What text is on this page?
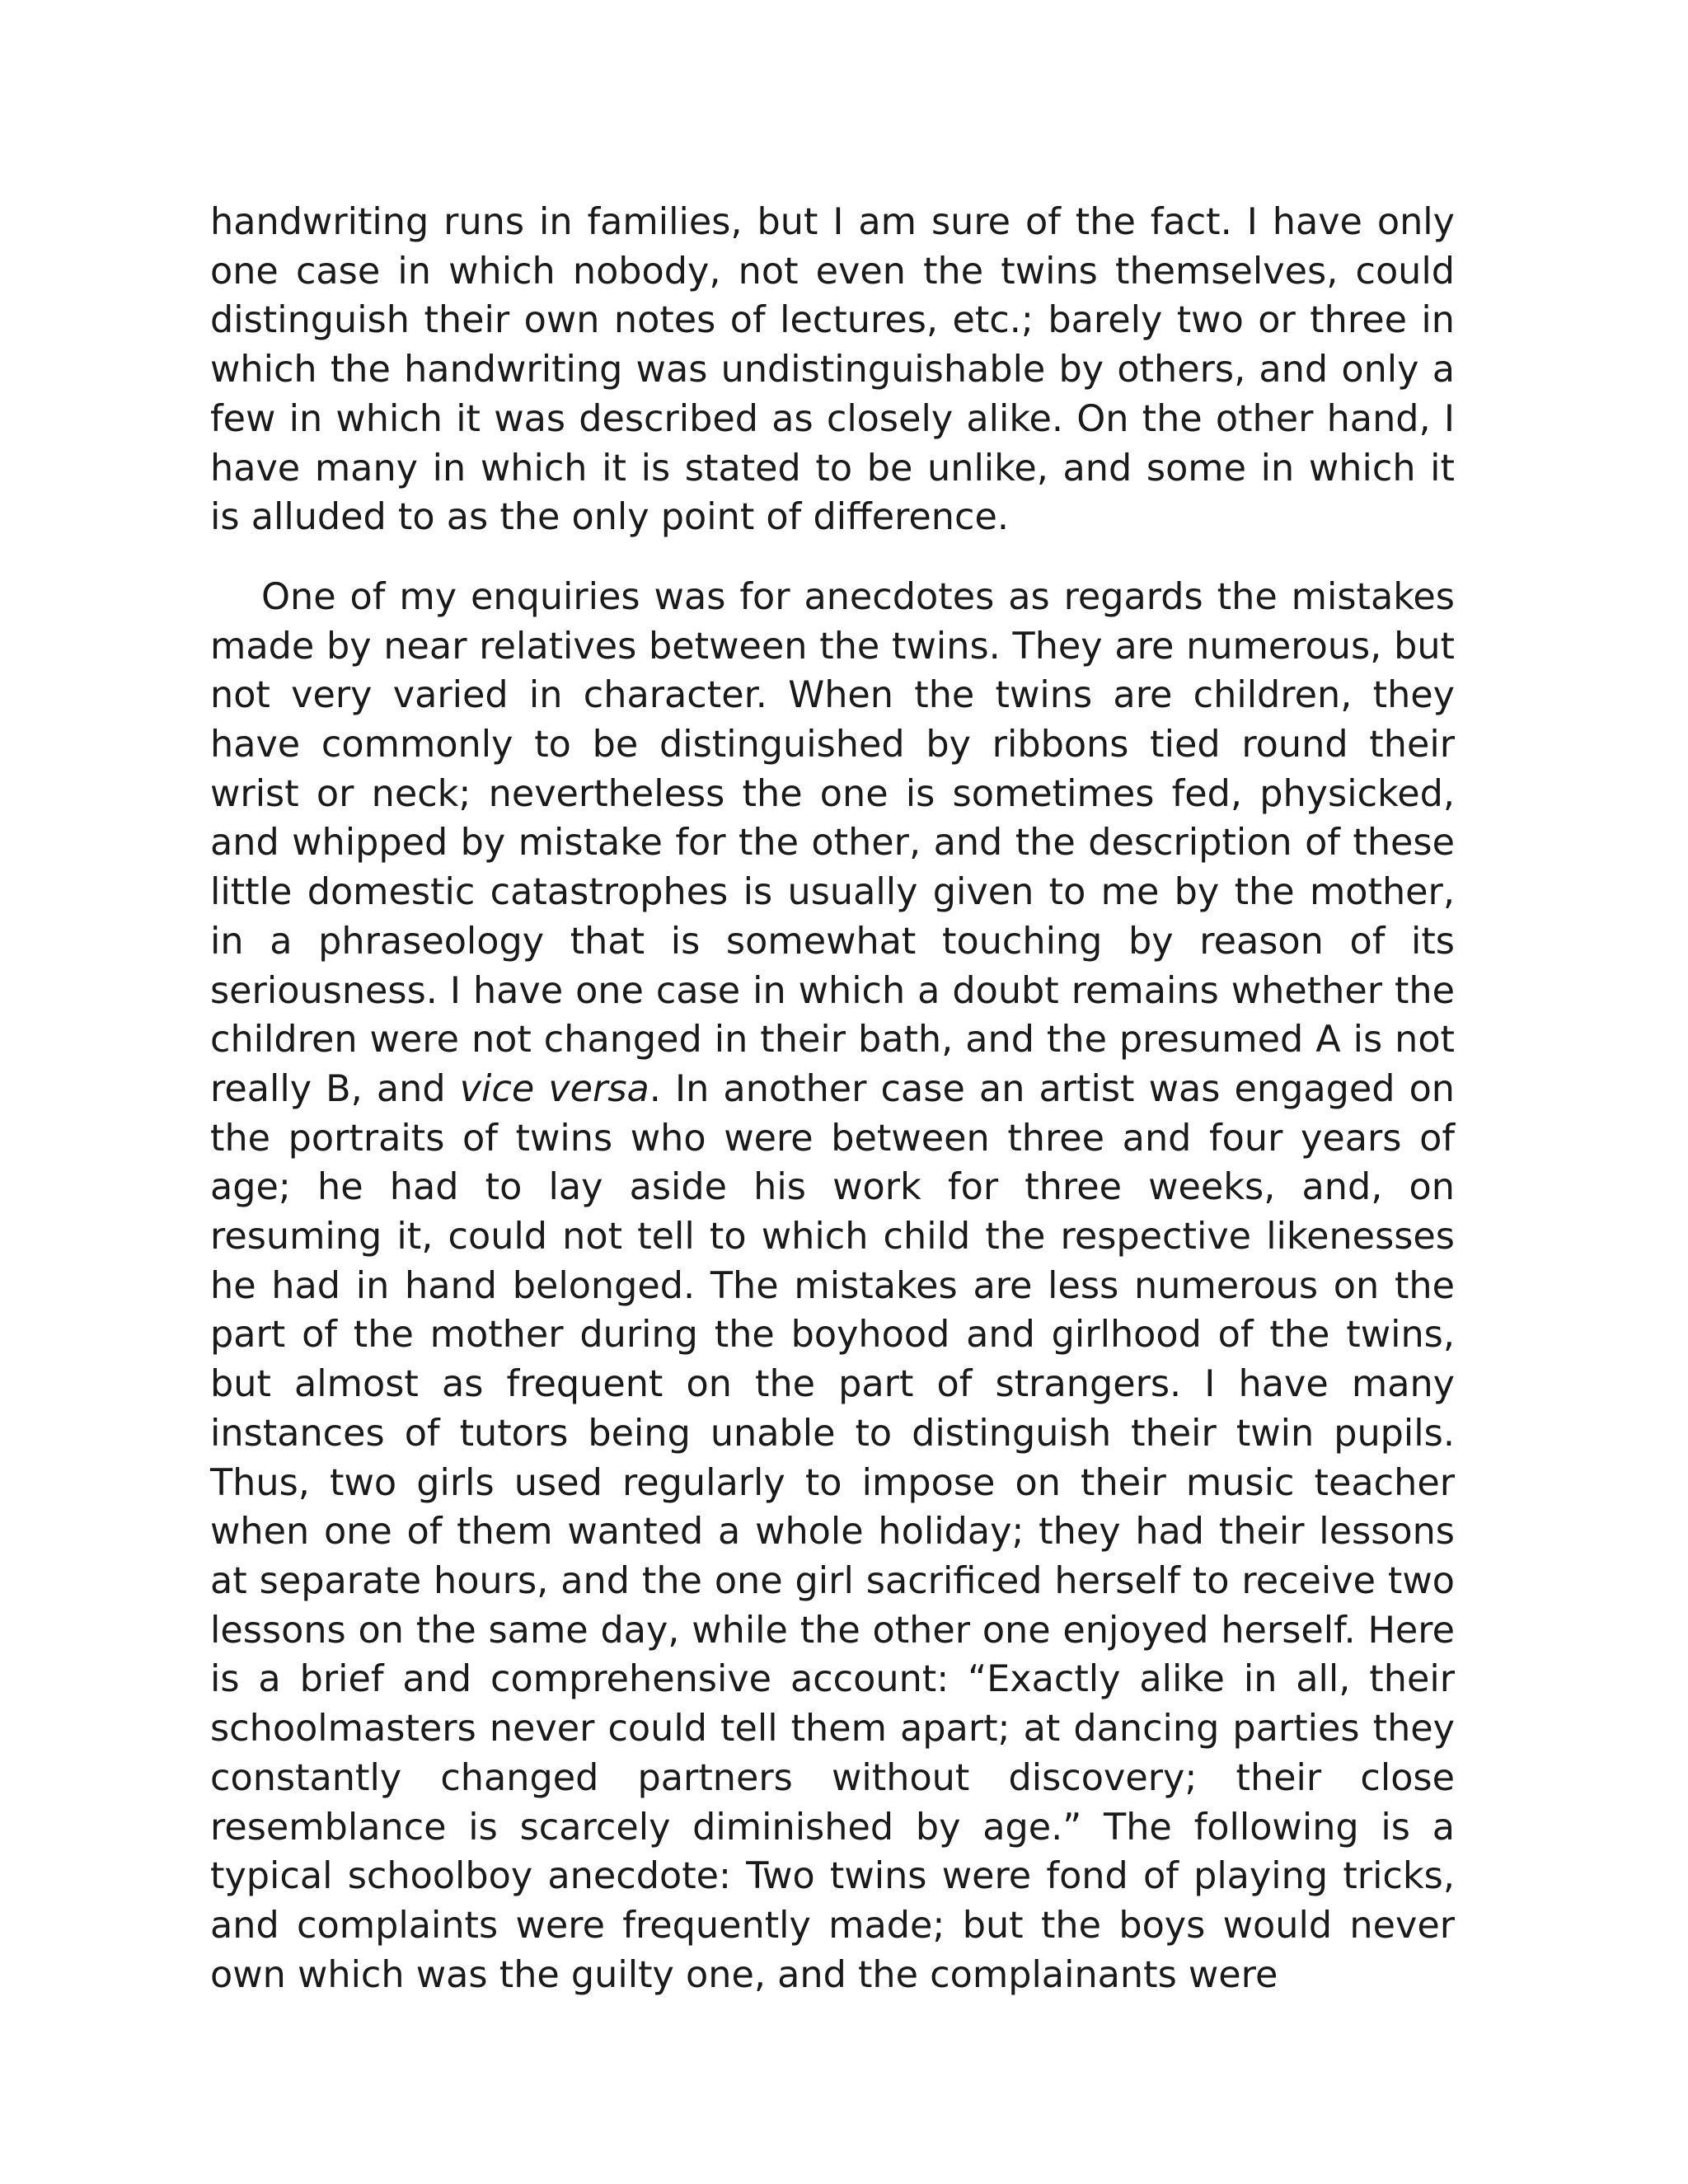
handwriting runs in families, but I am sure of the fact. I have only one case in which nobody, not even the twins themselves, could distinguish their own notes of lectures, etc.; barely two or three in which the handwriting was undistinguishable by others, and only a few in which it was described as closely alike. On the other hand, I have many in which it is stated to be unlike, and some in which it is alluded to as the only point of difference.

One of my enquiries was for anecdotes as regards the mistakes made by near relatives between the twins. They are numerous, but not very varied in character. When the twins are children, they have commonly to be distinguished by ribbons tied round their wrist or neck; nevertheless the one is sometimes fed, physicked, and whipped by mistake for the other, and the description of these little domestic catastrophes is usually given to me by the mother, in a phraseology that is somewhat touching by reason of its seriousness. I have one case in which a doubt remains whether the children were not changed in their bath, and the presumed A is not really B, and vice versa. In another case an artist was engaged on the portraits of twins who were between three and four years of age; he had to lay aside his work for three weeks, and, on resuming it, could not tell to which child the respective likenesses he had in hand belonged. The mistakes are less numerous on the part of the mother during the boyhood and girlhood of the twins, but almost as frequent on the part of strangers. I have many instances of tutors being unable to distinguish their twin pupils. Thus, two girls used regularly to impose on their music teacher when one of them wanted a whole holiday; they had their lessons at separate hours, and the one girl sacrificed herself to receive two lessons on the same day, while the other one enjoyed herself. Here is a brief and comprehensive account: “Exactly alike in all, their schoolmasters never could tell them apart; at dancing parties they constantly changed partners without discovery; their close resemblance is scarcely diminished by age.” The following is a typical schoolboy anecdote: Two twins were fond of playing tricks, and complaints were frequently made; but the boys would never own which was the guilty one, and the complainants were
